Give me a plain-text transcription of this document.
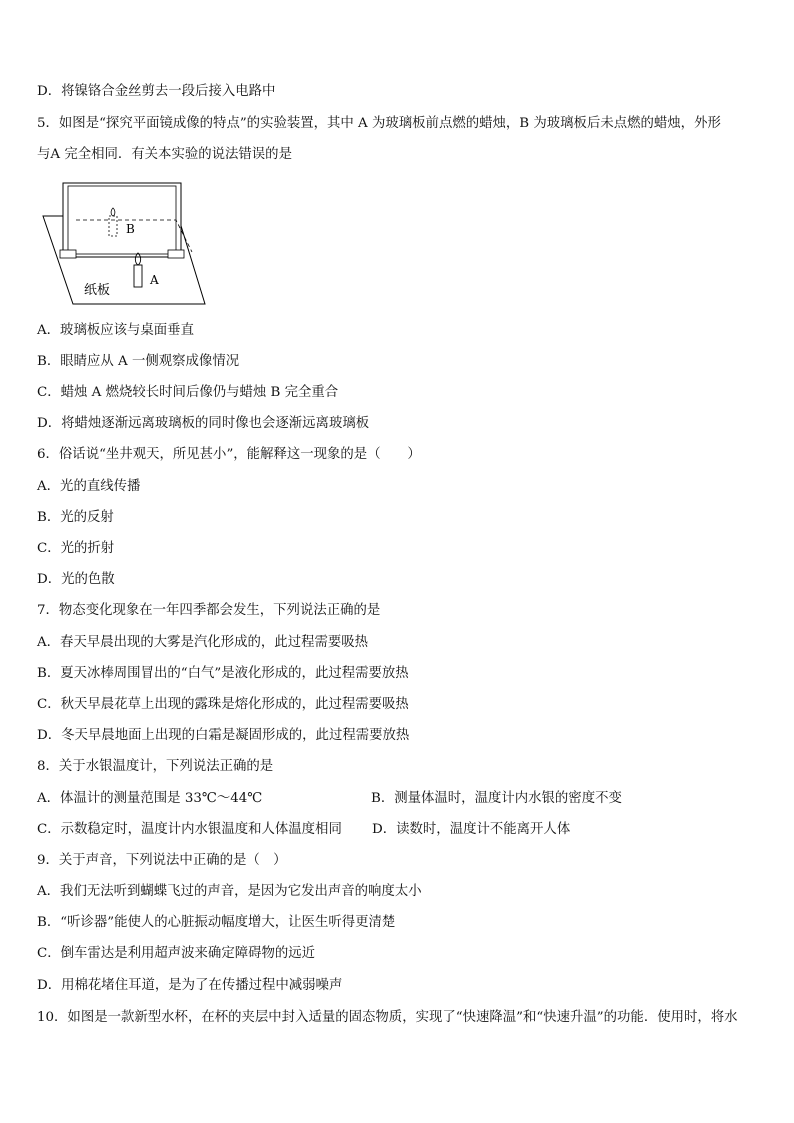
D．将镍铬合金丝剪去一段后接入电路中
5．如图是“探究平面镜成像的特点”的实验装置，其中 A 为玻璃板前点燃的蜡烛，B 为玻璃板后未点燃的蜡烛，外形
与A 完全相同．有关本实验的说法错误的是
B
A
纸板
A．玻璃板应该与桌面垂直
B．眼睛应从 A 一侧观察成像情况
C．蜡烛 A 燃烧较长时间后像仍与蜡烛 B 完全重合
D．将蜡烛逐渐远离玻璃板的同时像也会逐渐远离玻璃板
6．俗话说“坐井观天，所见甚小”，能解释这一现象的是（　　）
A．光的直线传播
B．光的反射
C．光的折射
D．光的色散
7．物态变化现象在一年四季都会发生，下列说法正确的是
A．春天早晨出现的大雾是汽化形成的，此过程需要吸热
B．夏天冰棒周围冒出的“白气”是液化形成的，此过程需要放热
C．秋天早晨花草上出现的露珠是熔化形成的，此过程需要吸热
D．冬天早晨地面上出现的白霜是凝固形成的，此过程需要放热
8．关于水银温度计，下列说法正确的是
A．体温计的测量范围是 33℃～44℃	B．测量体温时，温度计内水银的密度不变
C．示数稳定时，温度计内水银温度和人体温度相同 D．读数时，温度计不能离开人体
9．关于声音，下列说法中正确的是（　）
A．我们无法听到蝴蝶飞过的声音，是因为它发出声音的响度太小
B．“听诊器”能使人的心脏振动幅度增大，让医生听得更清楚
C．倒车雷达是利用超声波来确定障碍物的远近
D．用棉花堵住耳道，是为了在传播过程中减弱噪声
10．如图是一款新型水杯，在杯的夹层中封入适量的固态物质，实现了“快速降温”和“快速升温”的功能．使用时，将水
